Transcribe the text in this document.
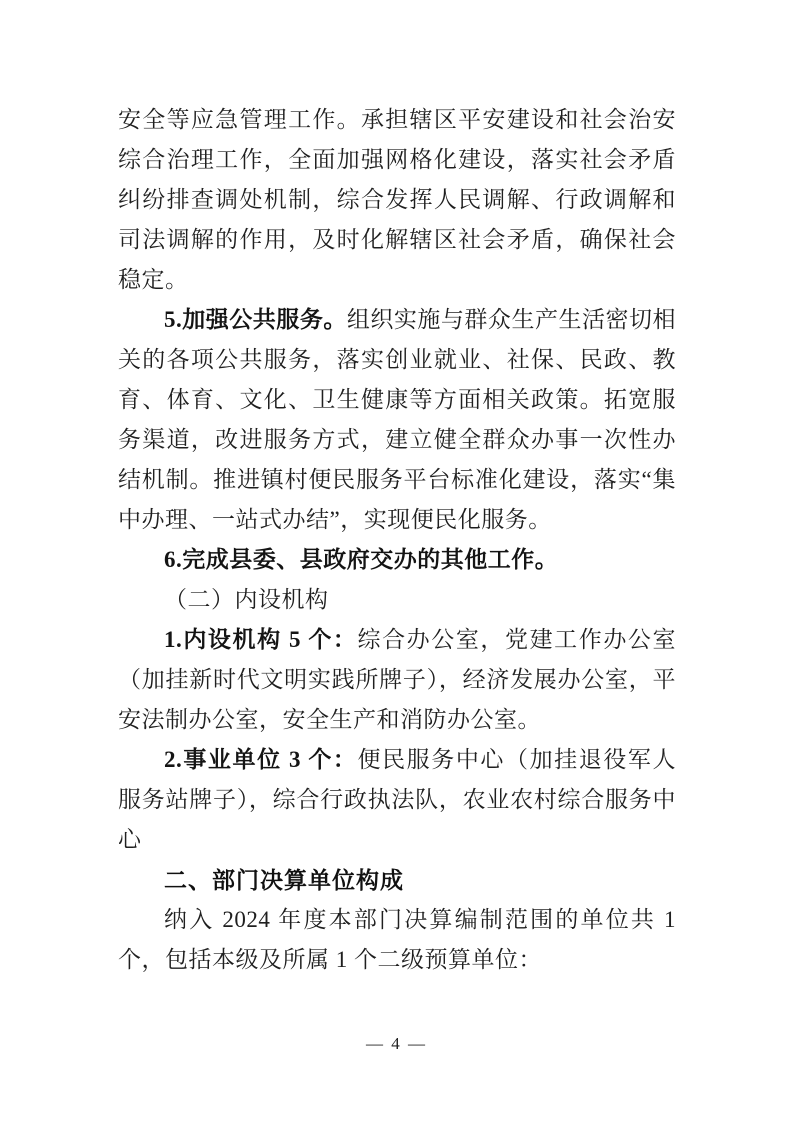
安全等应急管理工作。承担辖区平安建设和社会治安综合治理工作，全面加强网格化建设，落实社会矛盾纠纷排查调处机制，综合发挥人民调解、行政调解和司法调解的作用，及时化解辖区社会矛盾，确保社会稳定。

5.加强公共服务。组织实施与群众生产生活密切相关的各项公共服务，落实创业就业、社保、民政、教育、体育、文化、卫生健康等方面相关政策。拓宽服务渠道，改进服务方式，建立健全群众办事一次性办结机制。推进镇村便民服务平台标准化建设，落实“集中办理、一站式办结”，实现便民化服务。

6.完成县委、县政府交办的其他工作。

（二）内设机构

1.内设机构 5 个：综合办公室，党建工作办公室（加挂新时代文明实践所牌子），经济发展办公室，平安法制办公室，安全生产和消防办公室。

2.事业单位 3 个：便民服务中心（加挂退役军人服务站牌子），综合行政执法队，农业农村综合服务中心

二、部门决算单位构成

纳入 2024 年度本部门决算编制范围的单位共 1 个，包括本级及所属 1 个二级预算单位：

— 4 —
